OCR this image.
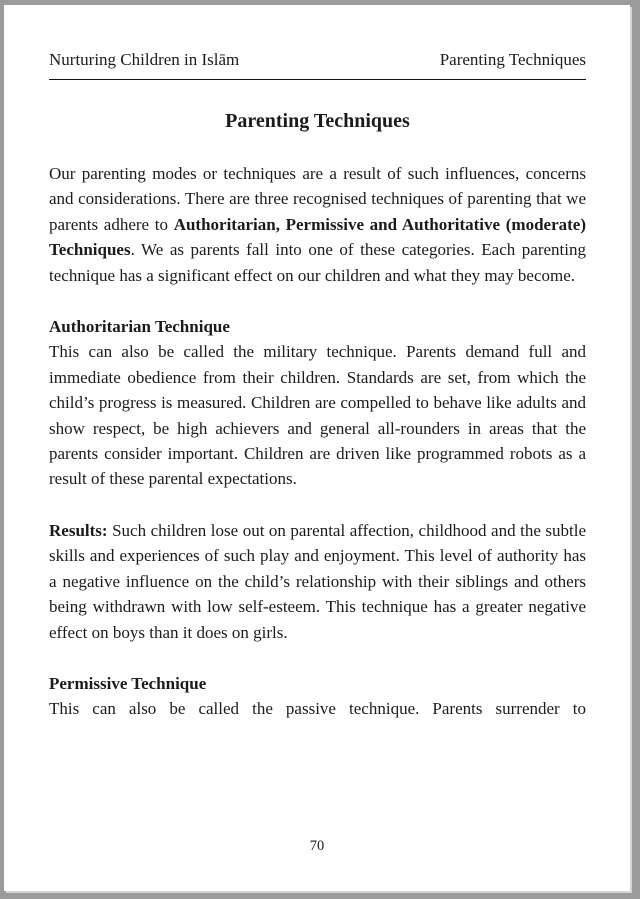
Nurturing Children in Islām	Parenting Techniques
Parenting Techniques

Our parenting modes or techniques are a result of such influences, concerns and considerations. There are three recognised techniques of parenting that we parents adhere to Authoritarian, Permissive and Authoritative (moderate) Techniques. We as parents fall into one of these categories. Each parenting technique has a significant effect on our children and what they may become.

Authoritarian Technique

This can also be called the military technique. Parents demand full and immediate obedience from their children. Standards are set, from which the child’s progress is measured. Children are compelled to behave like adults and show respect, be high achievers and general all-rounders in areas that the parents consider important. Children are driven like programmed robots as a result of these parental expectations.

Results: Such children lose out on parental affection, childhood and the subtle skills and experiences of such play and enjoyment. This level of authority has a negative influence on the child’s relationship with their siblings and others being withdrawn with low self-esteem. This technique has a greater negative effect on boys than it does on girls.

Permissive Technique

This can also be called the passive technique. Parents surrender to

70
